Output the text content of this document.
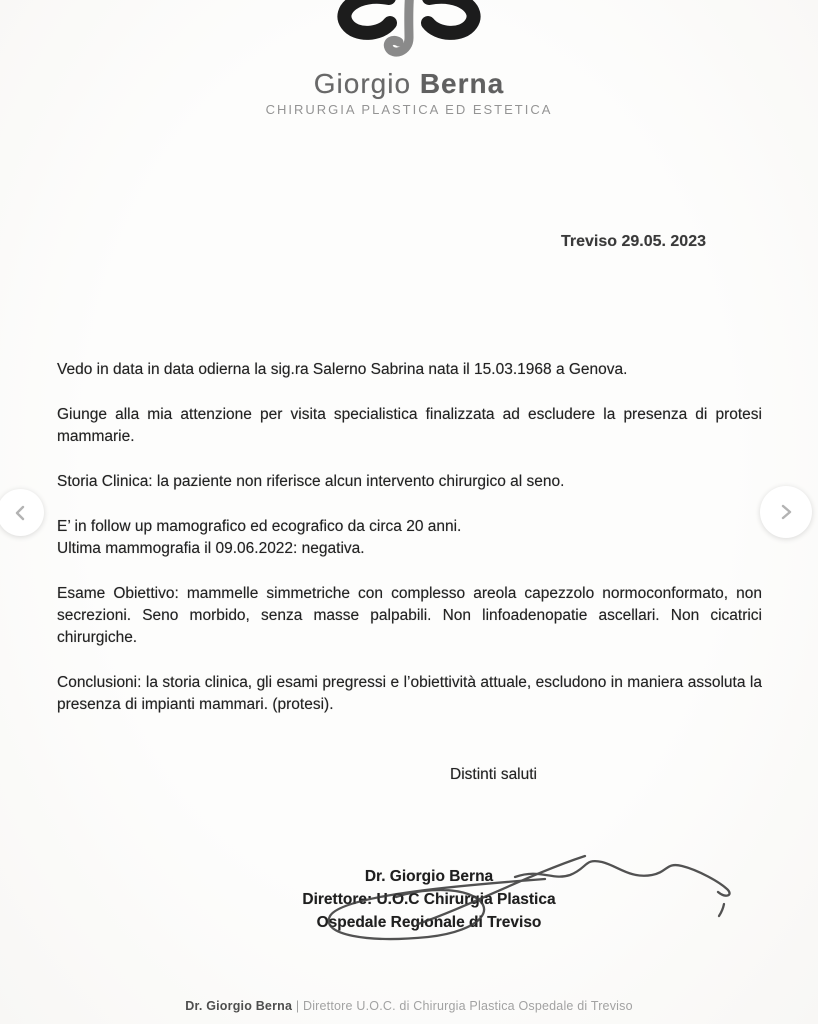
Giorgio Berna
CHIRURGIA PLASTICA ED ESTETICA
Treviso 29.05. 2023

Vedo in data in data odierna la sig.ra Salerno Sabrina nata il 15.03.1968 a Genova.

Giunge alla mia attenzione per visita specialistica finalizzata ad escludere la presenza di protesi mammarie.

Storia Clinica: la paziente non riferisce alcun intervento chirurgico al seno.

E’ in follow up mamografico ed ecografico da circa 20 anni.
Ultima mammografia il 09.06.2022: negativa.

Esame Obiettivo: mammelle simmetriche con complesso areola capezzolo normoconformato, non secrezioni. Seno morbido, senza masse palpabili. Non linfoadenopatie ascellari. Non cicatrici chirurgiche.

Conclusioni: la storia clinica, gli esami pregressi e l’obiettività attuale, escludono in maniera assoluta la presenza di impianti mammari. (protesi).

Distinti saluti
Dr. Giorgio Berna
Direttore: U.O.C Chirurgia Plastica
Ospedale Regionale di Treviso
Dr. Giorgio Berna | Direttore U.O.C. di Chirurgia Plastica Ospedale di Treviso
